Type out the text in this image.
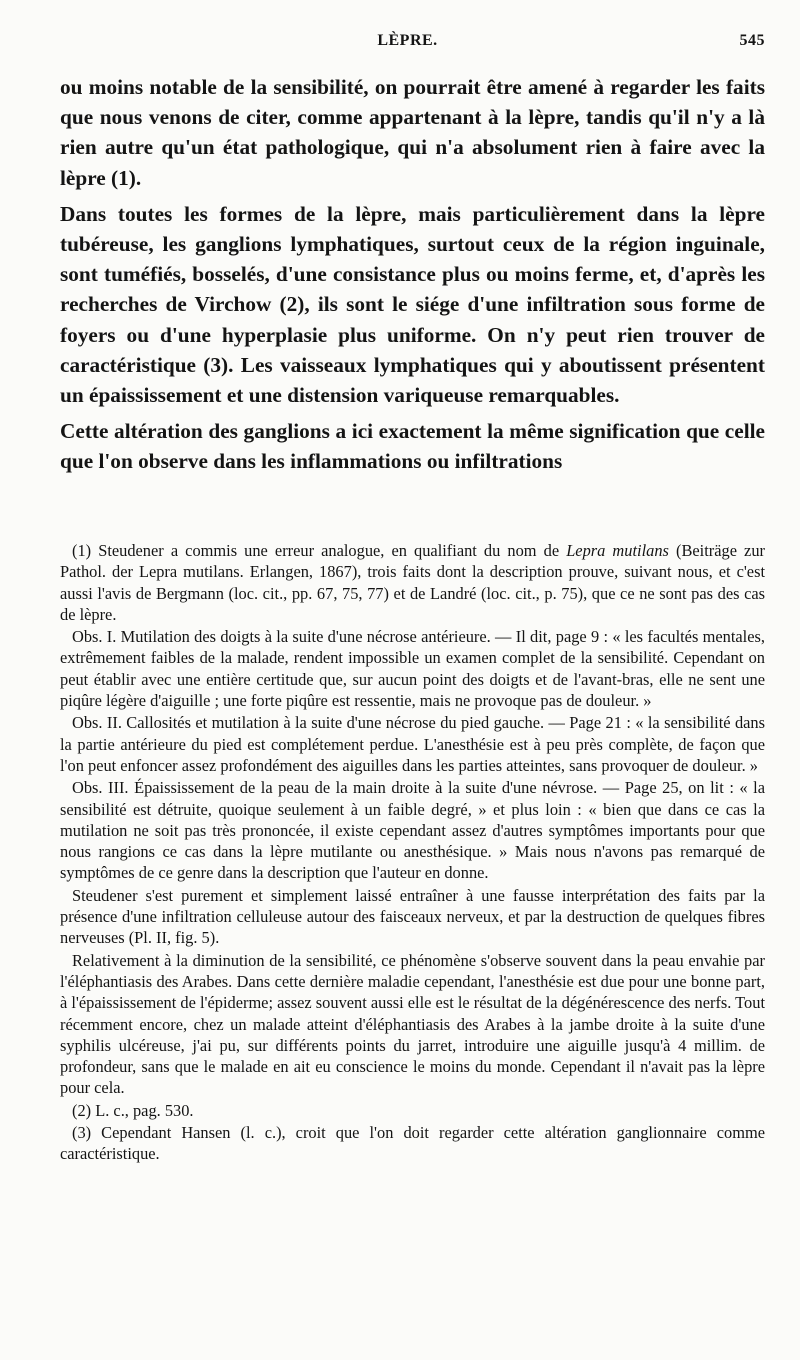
LÈPRE.	545

ou moins notable de la sensibilité, on pourrait être amené à regarder les faits que nous venons de citer, comme appartenant à la lèpre, tandis qu'il n'y a là rien autre qu'un état pathologique, qui n'a absolument rien à faire avec la lèpre (1).

Dans toutes les formes de la lèpre, mais particulièrement dans la lèpre tubéreuse, les ganglions lymphatiques, surtout ceux de la région inguinale, sont tuméfiés, bosselés, d'une consistance plus ou moins ferme, et, d'après les recherches de Virchow (2), ils sont le siége d'une infiltration sous forme de foyers ou d'une hyperplasie plus uniforme. On n'y peut rien trouver de caractéristique (3). Les vaisseaux lymphatiques qui y aboutissent présentent un épaississement et une distension variqueuse remarquables.

Cette altération des ganglions a ici exactement la même signification que celle que l'on observe dans les inflammations ou infiltrations

(1) Steudener a commis une erreur analogue, en qualifiant du nom de Lepra mutilans (Beiträge zur Pathol. der Lepra mutilans. Erlangen, 1867), trois faits dont la description prouve, suivant nous, et c'est aussi l'avis de Bergmann (loc. cit., pp. 67, 75, 77) et de Landré (loc. cit., p. 75), que ce ne sont pas des cas de lèpre.

Obs. I. Mutilation des doigts à la suite d'une nécrose antérieure. — Il dit, page 9 : « les facultés mentales, extrêmement faibles de la malade, rendent impossible un examen complet de la sensibilité. Cependant on peut établir avec une entière certitude que, sur aucun point des doigts et de l'avant-bras, elle ne sent une piqûre légère d'aiguille ; une forte piqûre est ressentie, mais ne provoque pas de douleur. »

Obs. II. Callosités et mutilation à la suite d'une nécrose du pied gauche. — Page 21 : « la sensibilité dans la partie antérieure du pied est complétement perdue. L'anesthésie est à peu près complète, de façon que l'on peut enfoncer assez profondément des aiguilles dans les parties atteintes, sans provoquer de douleur. »

Obs. III. Épaississement de la peau de la main droite à la suite d'une névrose. — Page 25, on lit : « la sensibilité est détruite, quoique seulement à un faible degré, » et plus loin : « bien que dans ce cas la mutilation ne soit pas très prononcée, il existe cependant assez d'autres symptômes importants pour que nous rangions ce cas dans la lèpre mutilante ou anesthésique. » Mais nous n'avons pas remarqué de symptômes de ce genre dans la description que l'auteur en donne.

Steudener s'est purement et simplement laissé entraîner à une fausse interprétation des faits par la présence d'une infiltration celluleuse autour des faisceaux nerveux, et par la destruction de quelques fibres nerveuses (Pl. II, fig. 5).

Relativement à la diminution de la sensibilité, ce phénomène s'observe souvent dans la peau envahie par l'éléphantiasis des Arabes. Dans cette dernière maladie cependant, l'anesthésie est due pour une bonne part, à l'épaississement de l'épiderme; assez souvent aussi elle est le résultat de la dégénérescence des nerfs. Tout récemment encore, chez un malade atteint d'éléphantiasis des Arabes à la jambe droite à la suite d'une syphilis ulcéreuse, j'ai pu, sur différents points du jarret, introduire une aiguille jusqu'à 4 millim. de profondeur, sans que le malade en ait eu conscience le moins du monde. Cependant il n'avait pas la lèpre pour cela.

(2) L. c., pag. 530.

(3) Cependant Hansen (l. c.), croit que l'on doit regarder cette altération ganglionnaire comme caractéristique.
